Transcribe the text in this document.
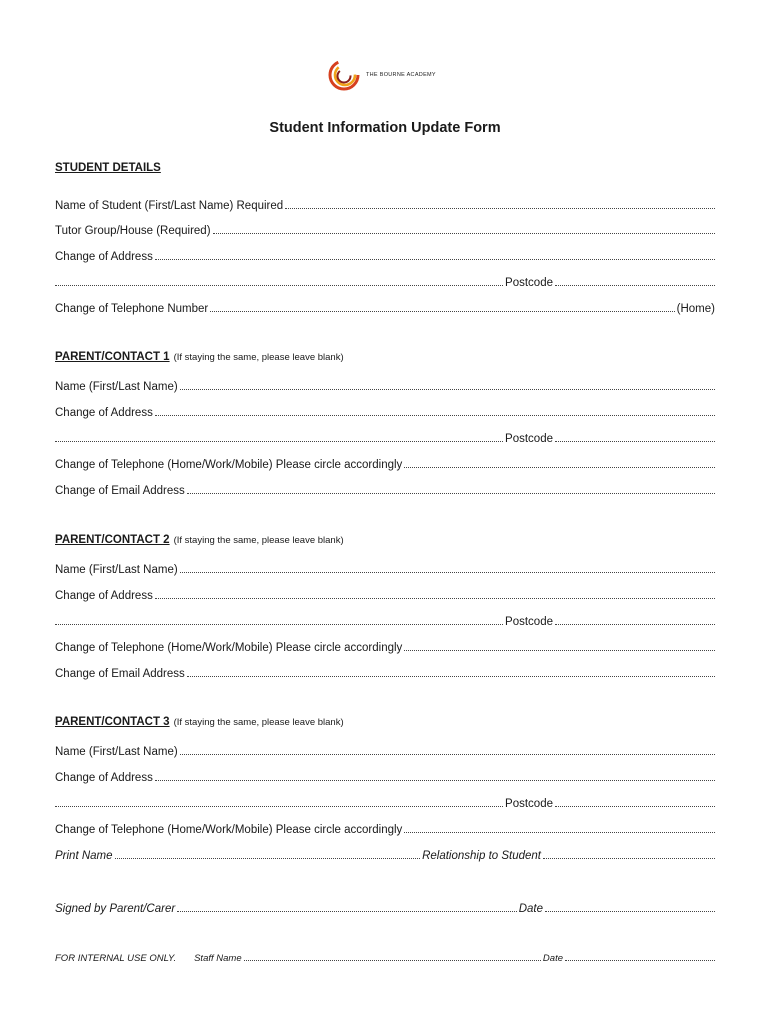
THE BOURNE ACADEMY
Student Information Update Form
STUDENT DETAILS
Name of Student (First/Last Name) Required
Tutor Group/House (Required)
Change of Address
Postcode
Change of Telephone Number	(Home)
PARENT/CONTACT 1 (If staying the same, please leave blank)
Name (First/Last Name)
Change of Address
Postcode
Change of Telephone (Home/Work/Mobile) Please circle accordingly
Change of Email Address
PARENT/CONTACT 2 (If staying the same, please leave blank)
Name (First/Last Name)
Change of Address
Postcode
Change of Telephone (Home/Work/Mobile) Please circle accordingly
Change of Email Address
PARENT/CONTACT 3 (If staying the same, please leave blank)
Name (First/Last Name)
Change of Address
Postcode
Change of Telephone (Home/Work/Mobile) Please circle accordingly
Print Name	Relationship to Student
Signed by Parent/Carer	Date
FOR INTERNAL USE ONLY. Staff Name	Date
